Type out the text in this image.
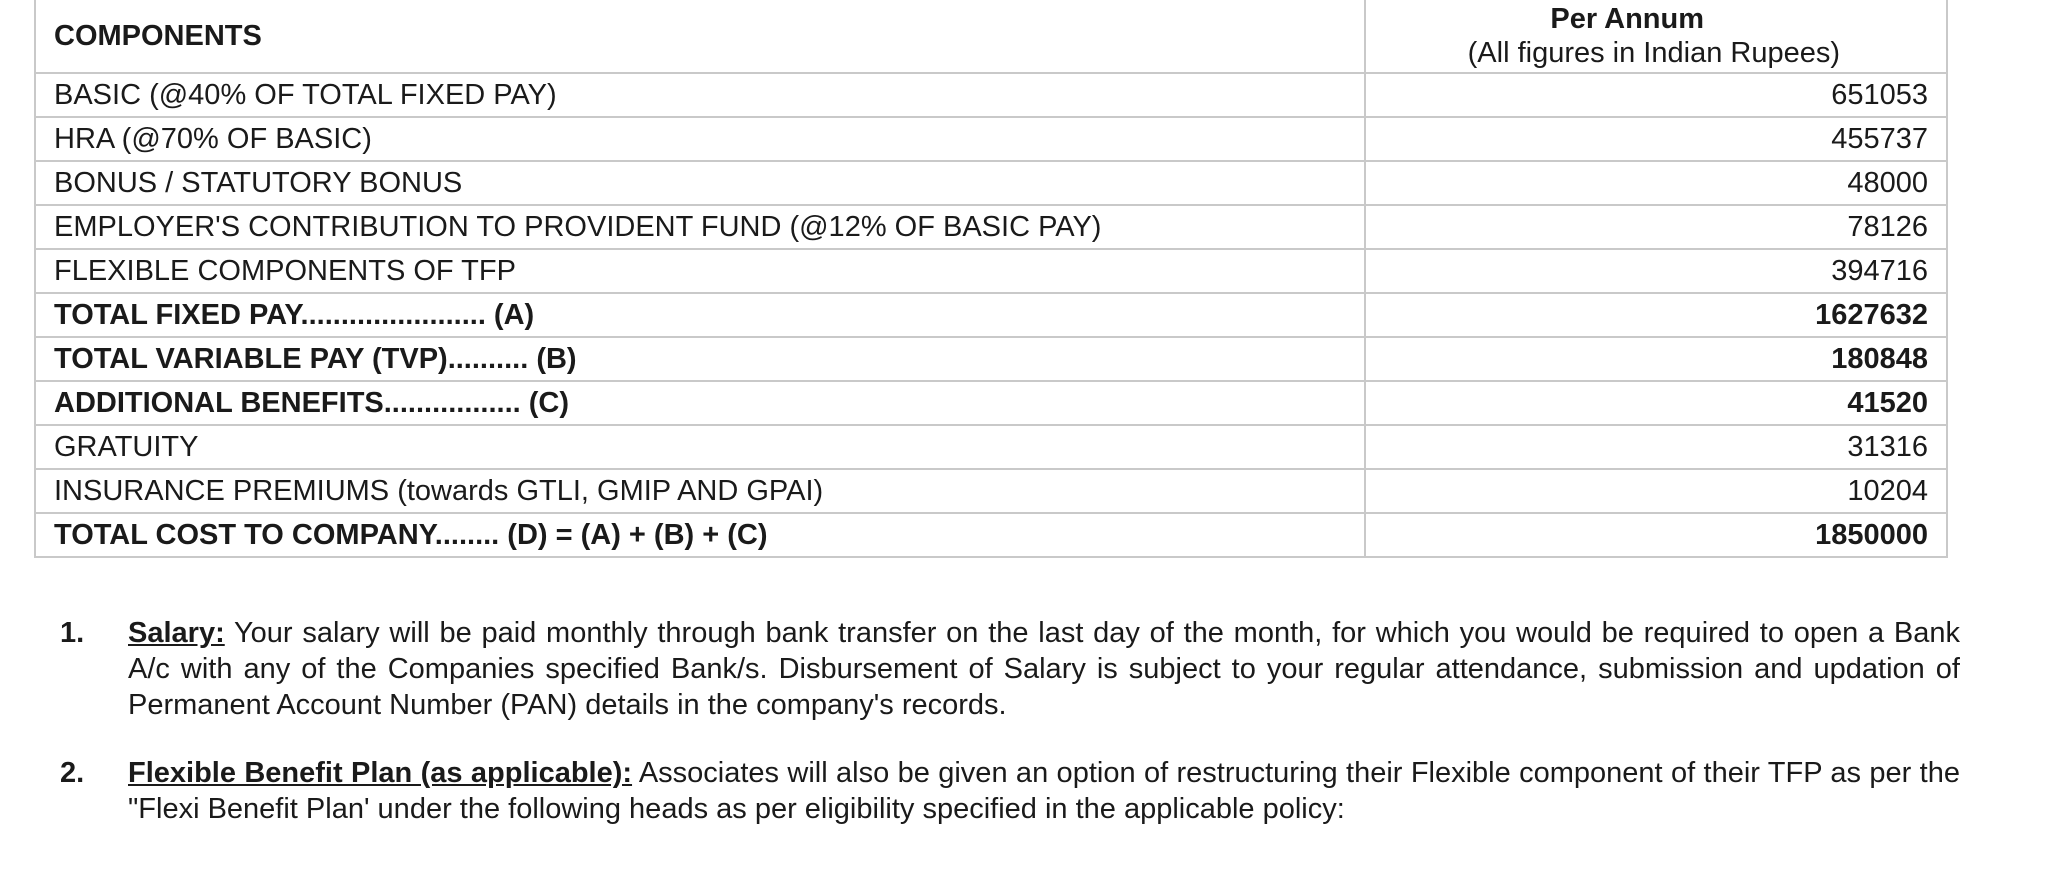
COMPONENTS	Per Annum
(All figures in Indian Rupees)

BASIC (@40% OF TOTAL FIXED PAY)	651053
HRA (@70% OF BASIC)	455737
BONUS / STATUTORY BONUS	48000
EMPLOYER'S CONTRIBUTION TO PROVIDENT FUND (@12% OF BASIC PAY)	78126
FLEXIBLE COMPONENTS OF TFP	394716
TOTAL FIXED PAY....................... (A)	1627632
TOTAL VARIABLE PAY (TVP).......... (B)	180848
ADDITIONAL BENEFITS................. (C)	41520
GRATUITY	31316
INSURANCE PREMIUMS (towards GTLI, GMIP AND GPAI)	10204
TOTAL COST TO COMPANY........ (D) = (A) + (B) + (C)	1850000
1.	Salary: Your salary will be paid monthly through bank transfer on the last day of the month, for which you would be required to open a Bank A/c with any of the Companies specified Bank/s. Disbursement of Salary is subject to your regular attendance, submission and updation of Permanent Account Number (PAN) details in the company's records.
2.	Flexible Benefit Plan (as applicable): Associates will also be given an option of restructuring their Flexible component of their TFP as per the "Flexi Benefit Plan' under the following heads as per eligibility specified in the applicable policy:
